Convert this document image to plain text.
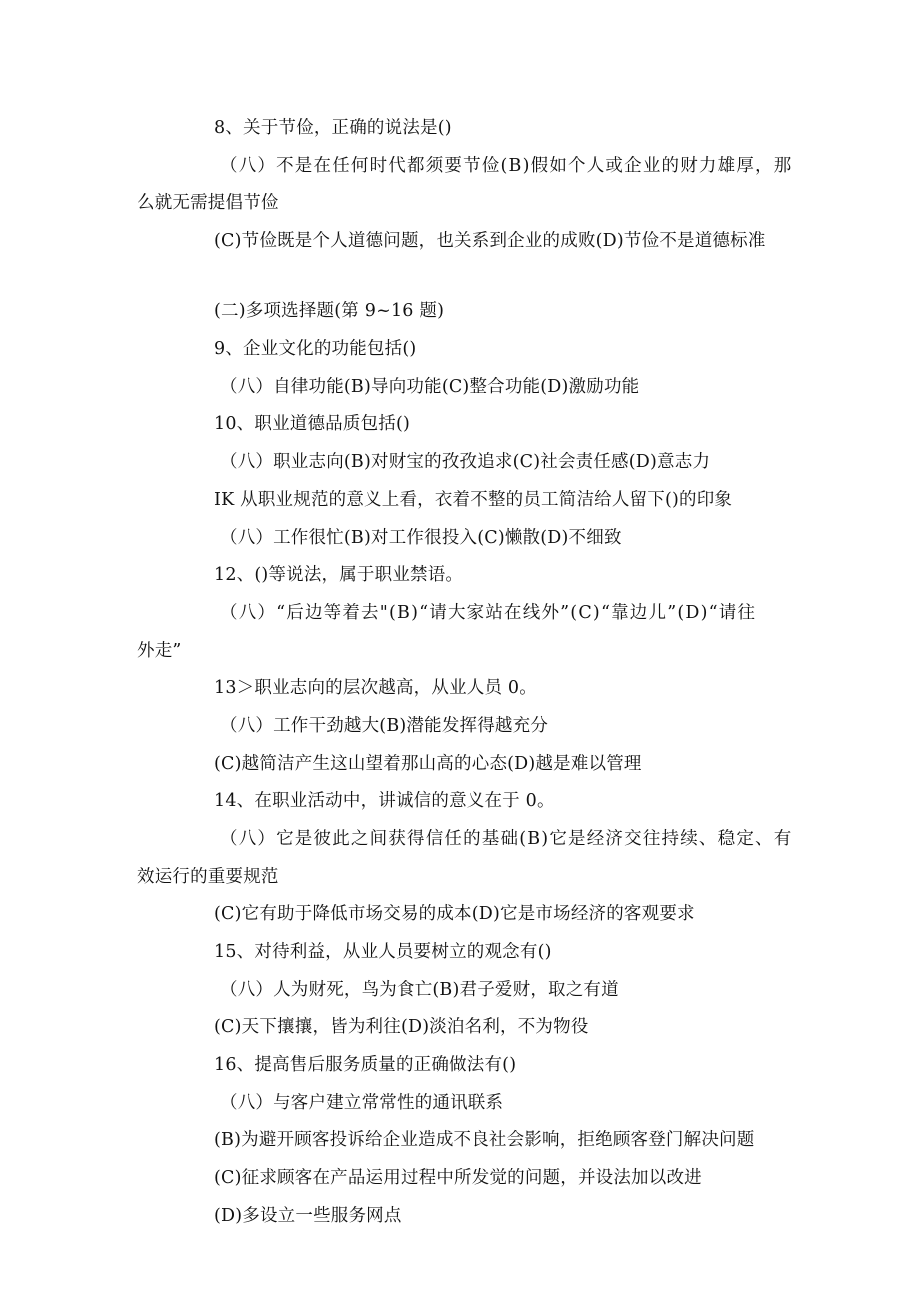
8、关于节俭，正确的说法是()
（八）不是在任何时代都须要节俭(B)假如个人或企业的财力雄厚，那
么就无需提倡节俭
(C)节俭既是个人道德问题，也关系到企业的成败(D)节俭不是道德标准
(二)多项选择题(第 9~16 题)
9、企业文化的功能包括()
（八）自律功能(B)导向功能(C)整合功能(D)激励功能
10、职业道德品质包括()
（八）职业志向(B)对财宝的孜孜追求(C)社会责任感(D)意志力
IK 从职业规范的意义上看，衣着不整的员工简洁给人留下()的印象
（八）工作很忙(B)对工作很投入(C)懒散(D)不细致
12、()等说法，属于职业禁语。
（八）“后边等着去"(B)“请大家站在线外”(C)“靠边儿”(D)“请往
外走”
13＞职业志向的层次越高，从业人员 0。
（八）工作干劲越大(B)潜能发挥得越充分
(C)越简洁产生这山望着那山高的心态(D)越是难以管理
14、在职业活动中，讲诚信的意义在于 0。
（八）它是彼此之间获得信任的基础(B)它是经济交往持续、稳定、有
效运行的重要规范
(C)它有助于降低市场交易的成本(D)它是市场经济的客观要求
15、对待利益，从业人员要树立的观念有()
（八）人为财死，鸟为食亡(B)君子爱财，取之有道
(C)天下攘攘，皆为利往(D)淡泊名利，不为物役
16、提高售后服务质量的正确做法有()
（八）与客户建立常常性的通讯联系
(B)为避开顾客投诉给企业造成不良社会影响，拒绝顾客登门解决问题
(C)征求顾客在产品运用过程中所发觉的问题，并设法加以改进
(D)多设立一些服务网点
